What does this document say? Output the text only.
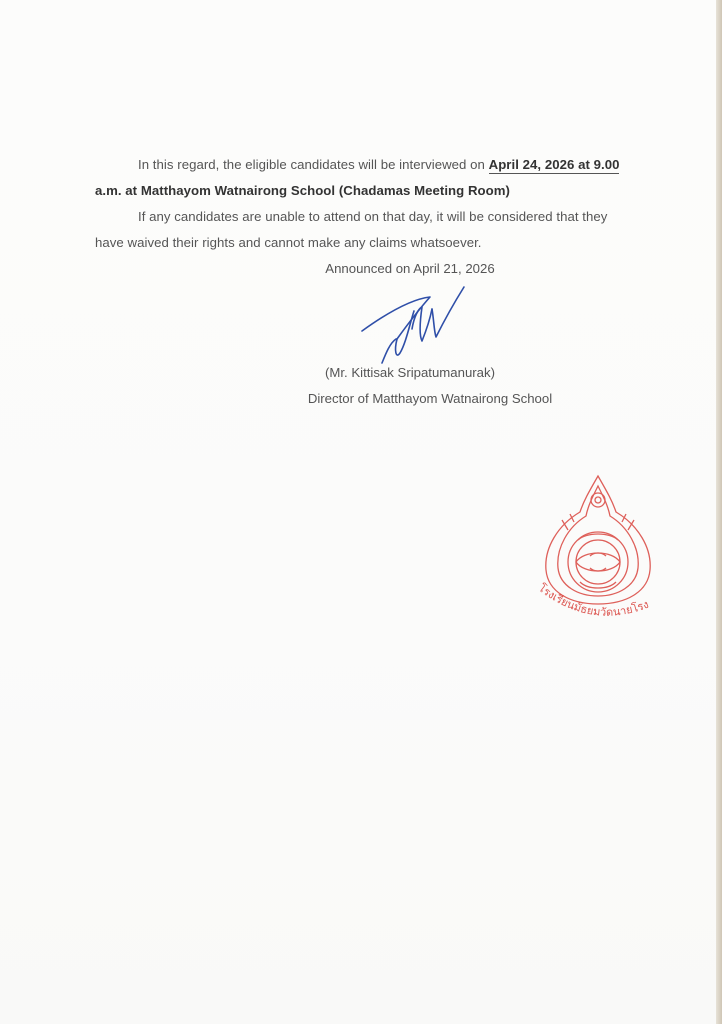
In this regard, the eligible candidates will be interviewed on April 24, 2026 at 9.00
a.m. at Matthayom Watnairong School (Chadamas Meeting Room)
If any candidates are unable to attend on that day, it will be considered that they
have waived their rights and cannot make any claims whatsoever.
Announced on April 21, 2026
(Mr. Kittisak Sripatumanurak)
Director of Matthayom Watnairong School
โรงเรียนมัธยมวัดนายโรง
